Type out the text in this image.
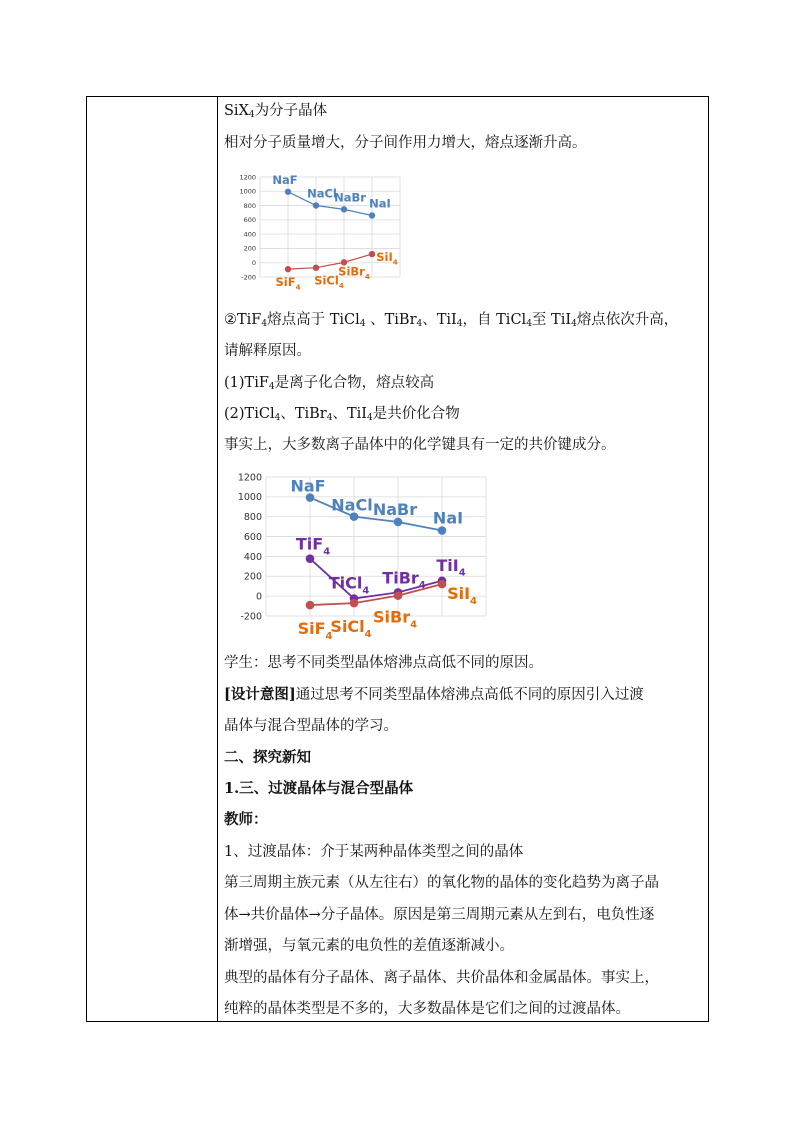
SiX$_4$为分子晶体
相对分子质量增大，分子间作用力增大，熔点逐渐升高。
-200
0
200
400
600
800
1000
1200 NaF
NaCl
NaBr NaI
SiF$_4$ SiCl$_4$
SiBr$_4$
SiI$_4$
②TiF$_4$熔点高于 TiCl$_4$ 、TiBr$_4$、TiI$_4$，自 TiCl$_4$至 TiI$_4$熔点依次升高，
请解释原因。
(1)TiF$_4$是离子化合物，熔点较高
(2)TiCl$_4$、TiBr$_4$、TiI$_4$是共价化合物
事实上，大多数离子晶体中的化学键具有一定的共价键成分。
-200
0
200
400
600
800
1000
1200 NaF
NaCl NaBr NaI
TiF$_4$
TiCl$_4$
TiBr$_4$
TiI$_4$
SiF$_4$
SiCl$_4$
SiBr$_4$
SiI$_4$
学生：思考不同类型晶体熔沸点高低不同的原因。
[设计意图]通过思考不同类型晶体熔沸点高低不同的原因引入过渡
晶体与混合型晶体的学习。
二、探究新知
1.三、过渡晶体与混合型晶体
教师：
1、过渡晶体：介于某两种晶体类型之间的晶体
第三周期主族元素（从左往右）的氧化物的晶体的变化趋势为离子晶
体→共价晶体→分子晶体。原因是第三周期元素从左到右，电负性逐
渐增强，与氧元素的电负性的差值逐渐减小。
典型的晶体有分子晶体、离子晶体、共价晶体和金属晶体。事实上，
纯粹的晶体类型是不多的，大多数晶体是它们之间的过渡晶体。
